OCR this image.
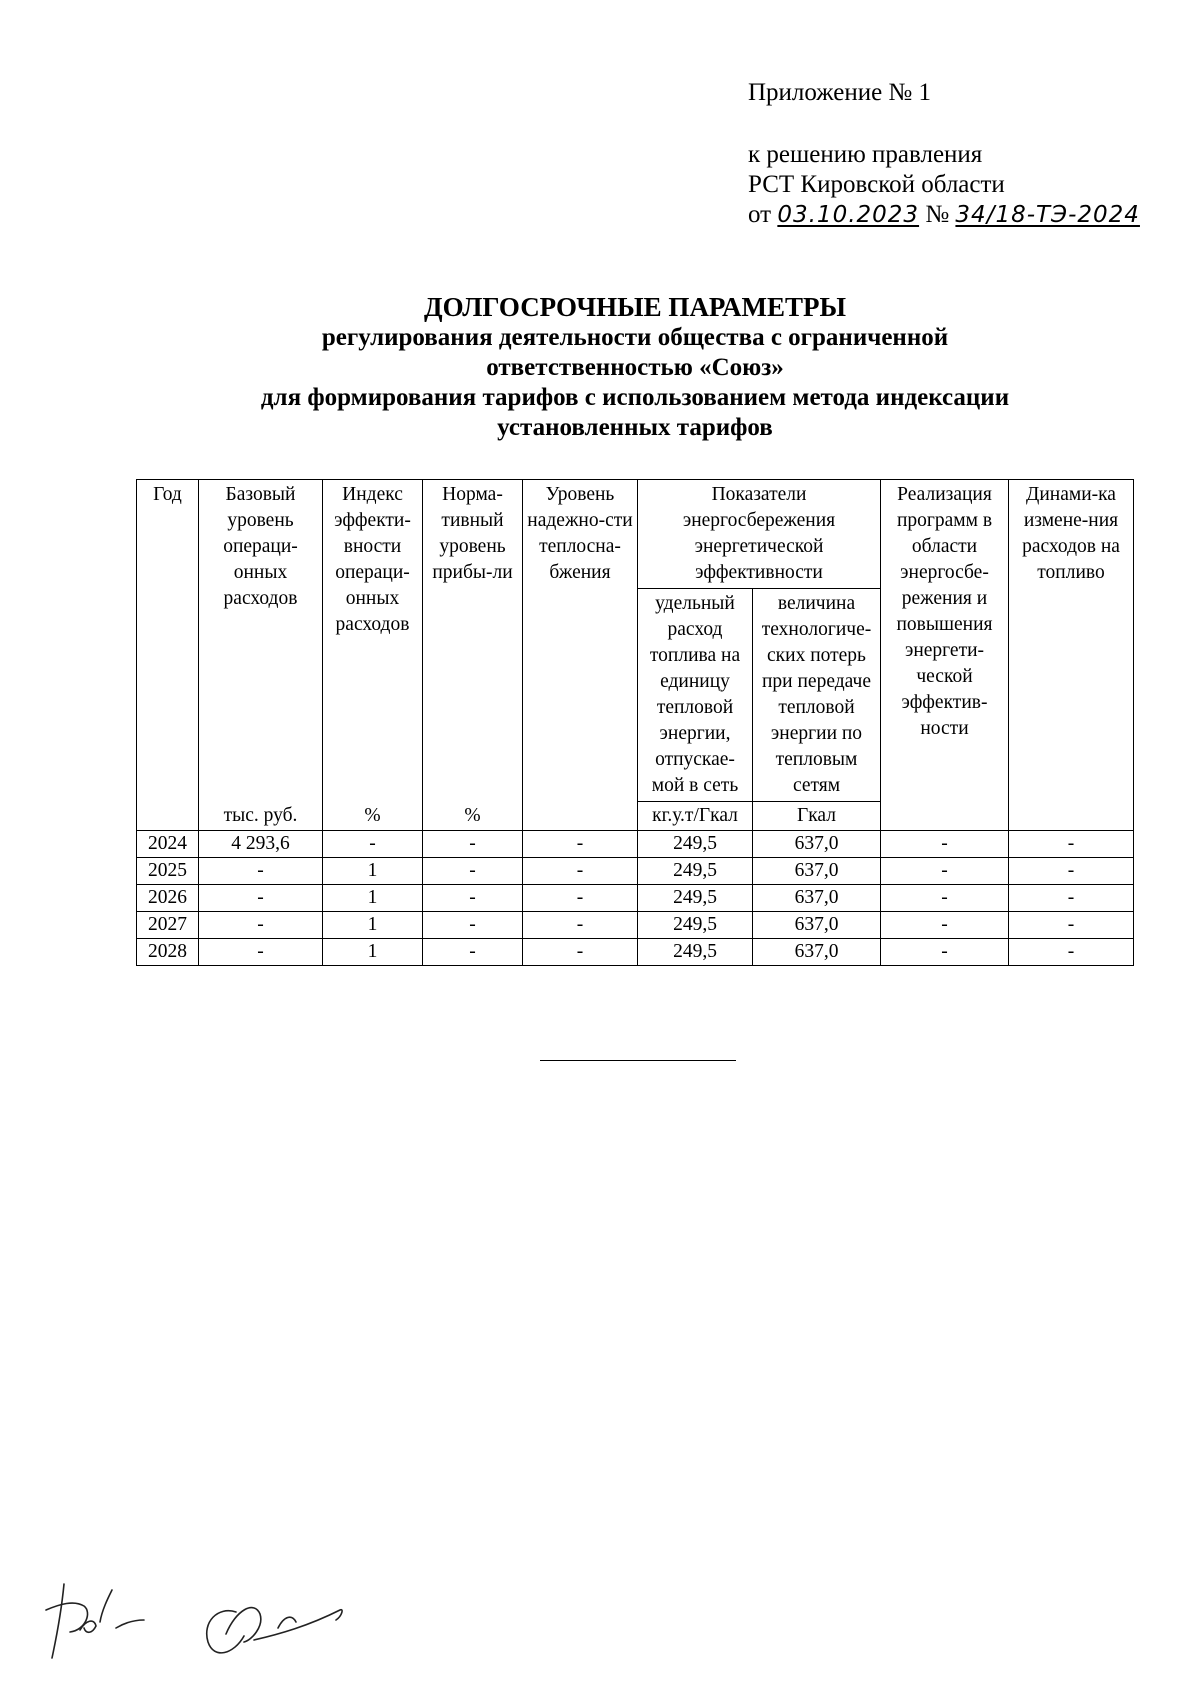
Приложение № 1
к решению правления
РСТ Кировской области
от 03.10.2023 № 34/18-ТЭ-2024
ДОЛГОСРОЧНЫЕ ПАРАМЕТРЫ
регулирования деятельности общества с ограниченной
ответственностью «Союз»
для формирования тарифов с использованием метода индексации
установленных тарифов
Год	Базовый уровень операци-онных расходов	Индекс эффекти-вности операци-онных расходов	Норма-тивный уровень прибы-ли	Уровень надежно-сти теплосна-бжения	Показатели энергосбережения энергетической эффективности		Реализация программ в области энергосбе-режения и повышения энергети-ческой эффектив-ности	Динами-ка измене-ния расходов на топливо
					удельный расход топлива на единицу тепловой энергии, отпускае-мой в сеть	величина технологиче-ских потерь при передаче тепловой энергии по тепловым сетям		
	тыс. руб.	%	%		кг.у.т/Гкал	Гкал		
2024	4 293,6	-	-	-	249,5	637,0	-	-
2025	-	1	-	-	249,5	637,0	-	-
2026	-	1	-	-	249,5	637,0	-	-
2027	-	1	-	-	249,5	637,0	-	-
2028	-	1	-	-	249,5	637,0	-	-
